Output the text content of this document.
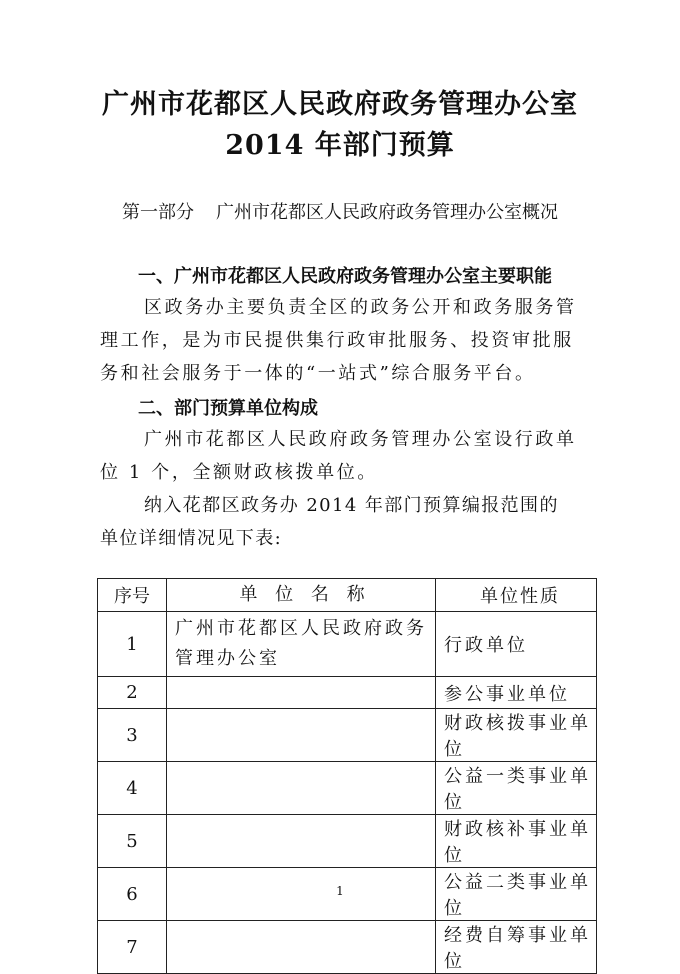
广州市花都区人民政府政务管理办公室
2014 年部门预算
第一部分 广州市花都区人民政府政务管理办公室概况
一、广州市花都区人民政府政务管理办公室主要职能

区政务办主要负责全区的政务公开和政务服务管理工作，是为市民提供集行政审批服务、投资审批服务和社会服务于一体的“一站式”综合服务平台。

二、部门预算单位构成

广州市花都区人民政府政务管理办公室设行政单位 1 个，全额财政核拨单位。

纳入花都区政务办 2014 年部门预算编报范围的单位详细情况见下表:

序号	单 位 名 称	单位性质
1	广州市花都区人民政府政务管理办公室	行政单位
2		参公事业单位
3		财政核拨事业单位
4		公益一类事业单位
5		财政核补事业单位
6		公益二类事业单位
7		经费自筹事业单位
1
